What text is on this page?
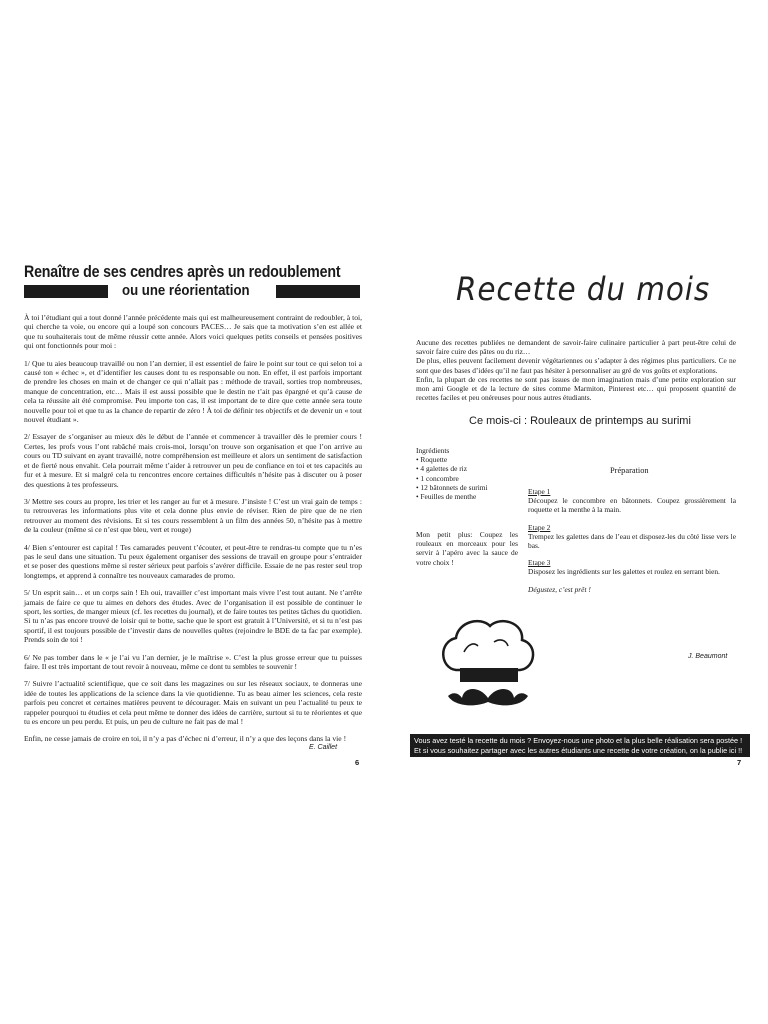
Renaître de ses cendres après un redoublement
ou une réorientation

À toi l’étudiant qui a tout donné l’année précédente mais qui est malheureusement contraint de redoubler, à toi, qui cherche ta voie, ou encore qui a loupé son concours PACES… Je sais que ta motivation s’en est allée et que tu souhaiterais tout de même réussir cette année. Alors voici quelques petits conseils et pensées positives qui ont fonctionnés pour moi :

1/ Que tu aies beaucoup travaillé ou non l’an dernier, il est essentiel de faire le point sur tout ce qui selon toi a causé ton « échec », et d’identifier les causes dont tu es responsable ou non. En effet, il est parfois important de prendre les choses en main et de changer ce qui n’allait pas : méthode de travail, sorties trop nombreuses, manque de concentration, etc… Mais il est aussi possible que le destin ne t’ait pas épargné et qu’à cause de cela ta réussite ait été compromise. Peu importe ton cas, il est important de te dire que cette année sera toute nouvelle pour toi et que tu as la chance de repartir de zéro ! À toi de définir tes objectifs et de devenir un « tout nouvel étudiant ».

2/ Essayer de s’organiser au mieux dès le début de l’année et commencer à travailler dès le premier cours ! Certes, les profs vous l’ont rabâché mais crois-moi, lorsqu’on trouve son organisation et que l’on arrive au cours ou TD suivant en ayant travaillé, notre compréhension est meilleure et alors un sentiment de satisfaction et de fierté nous envahit. Cela pourrait même t’aider à retrouver un peu de confiance en toi et tes capacités au fur et à mesure. Et si malgré cela tu rencontres encore certaines difficultés n’hésite pas à discuter ou à poser des questions à tes professeurs.

3/ Mettre ses cours au propre, les trier et les ranger au fur et à mesure. J’insiste ! C’est un vrai gain de temps : tu retrouveras les informations plus vite et cela donne plus envie de réviser. Rien de pire que de ne rien retrouver au moment des révisions. Et si tes cours ressemblent à un film des années 50, n’hésite pas à mettre de la couleur (même si ce n’est que bleu, vert et rouge)

4/ Bien s’entourer est capital ! Tes camarades peuvent t’écouter, et peut-être te rendras-tu compte que tu n’es pas le seul dans une situation. Tu peux également organiser des sessions de travail en groupe pour s’entraider et se poser des questions même si rester sérieux peut parfois s’avérer difficile. Essaie de ne pas rester seul trop longtemps, et apprend à connaître tes nouveaux camarades de promo.

5/ Un esprit sain… et un corps sain ! Eh oui, travailler c’est important mais vivre l’est tout autant. Ne t’arrête jamais de faire ce que tu aimes en dehors des études. Avec de l’organisation il est possible de continuer le sport, les sorties, de manger mieux (cf. les recettes du journal), et de faire toutes tes petites tâches du quotidien. Si tu n’as pas encore trouvé de loisir qui te botte, sache que le sport est gratuit à l’Université, et si tu n’est pas sportif, il est toujours possible de t’investir dans de nouvelles quêtes (rejoindre le BDE de ta fac par exemple). Prends soin de toi !

6/ Ne pas tomber dans le « je l’ai vu l’an dernier, je le maîtrise ». C’est la plus grosse erreur que tu puisses faire. Il est très important de tout revoir à nouveau, même ce dont tu sembles te souvenir !

7/ Suivre l’actualité scientifique, que ce soit dans les magazines ou sur les réseaux sociaux, te donneras une idée de toutes les applications de la science dans la vie quotidienne. Tu as beau aimer les sciences, cela reste parfois peu concret et certaines matières peuvent te décourager. Mais en suivant un peu l’actualité tu peux te rappeler pourquoi tu étudies et cela peut même te donner des idées de carrière, surtout si tu te réorientes et que tu es encore un peu perdu. Et puis, un peu de culture ne fait pas de mal !

Enfin, ne cesse jamais de croire en toi, il n’y a pas d’échec ni d’erreur, il n’y a que des leçons dans la vie !

E. Caillet
6
Recette du mois
Aucune des recettes publiées ne demandent de savoir-faire culinaire particulier à part peut-être celui de savoir faire cuire des pâtes ou du riz…
De plus, elles peuvent facilement devenir végétariennes ou s’adapter à des régimes plus particuliers. Ce ne sont que des bases d’idées qu’il ne faut pas hésiter à personnaliser au gré de vos goûts et explorations.
Enfin, la plupart de ces recettes ne sont pas issues de mon imagination mais d’une petite exploration sur mon ami Google et de la lecture de sites comme Marmiton, Pinterest etc… qui proposent quantité de recettes faciles et peu onéreuses pour nous autres étudiants.
Ce mois-ci : Rouleaux de printemps au surimi
Ingrédients
• Roquette
• 4 galettes de riz
• 1 concombre
• 12 bâtonnets de surimi
• Feuilles de menthe
Mon petit plus: Coupez les rouleaux en morceaux pour les servir à l’apéro avec la sauce de votre choix !
Préparation
Etape 1
Découpez le concombre en bâtonnets. Coupez grossièrement la roquette et la menthe à la main.
Etape 2
Trempez les galettes dans de l’eau et disposez-les du côté lisse vers le bas.
Etape 3
Disposez les ingrédients sur les galettes et roulez en serrant bien.
Dégustez, c’est prêt !
J. Beaumont
Vous avez testé la recette du mois ? Envoyez-nous une photo et la plus belle réalisation sera postée !
Et si vous souhaitez partager avec les autres étudiants une recette de votre création, on la publie ici !!
7
